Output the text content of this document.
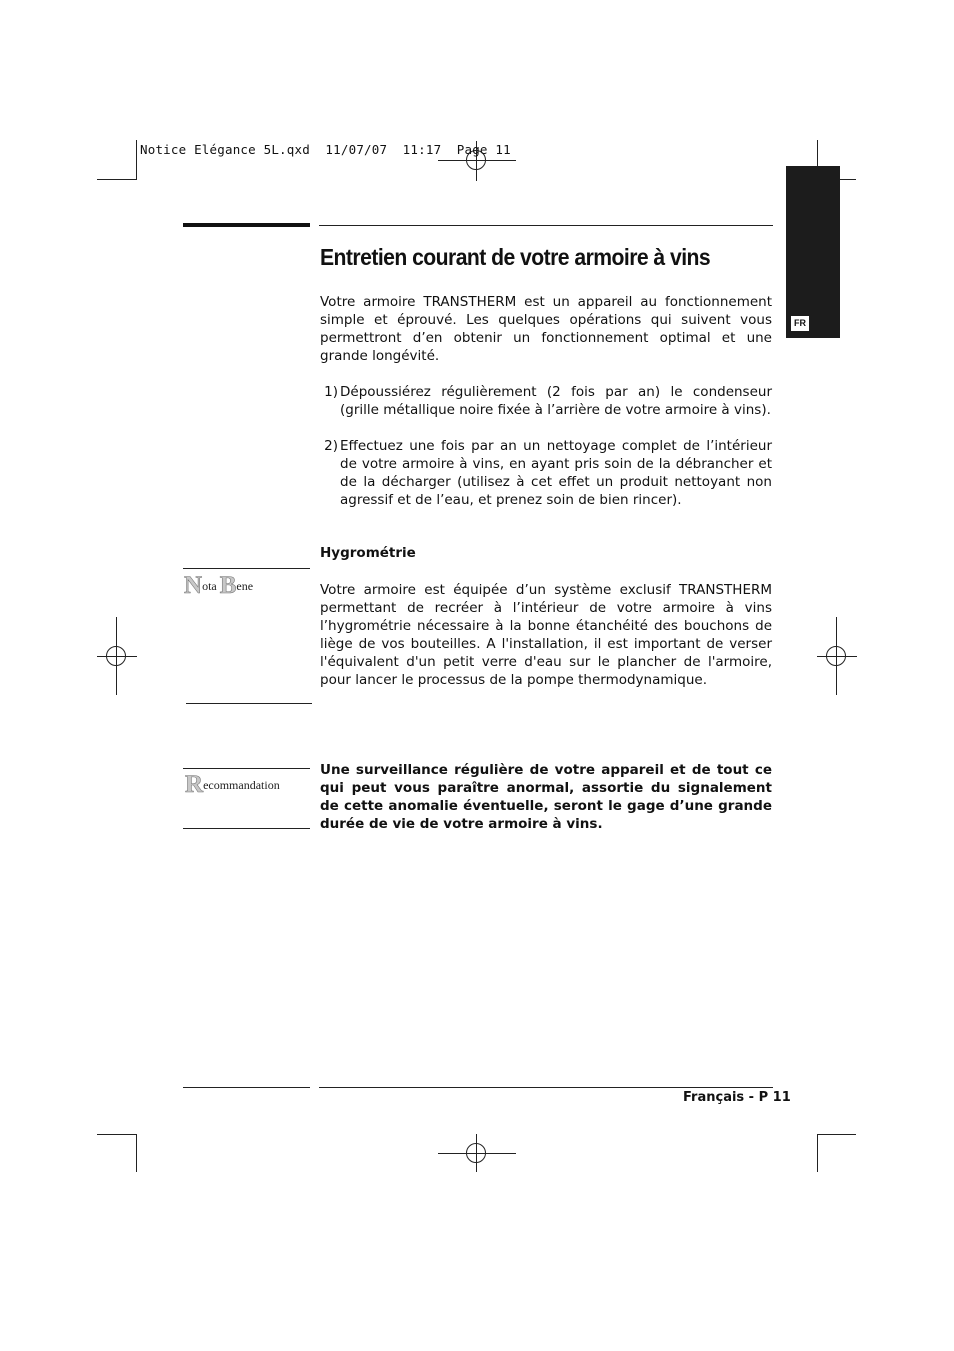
Notice Elégance 5L.qxd  11/07/07  11:17  Page 11
FR
Entretien courant de votre armoire à vins

Votre armoire TRANSTHERM est un appareil au fonctionnement simple et éprouvé. Les quelques opérations qui suivent vous permettront d’en obtenir un fonctionnement optimal et une grande longévité.

1) Dépoussiérez régulièrement (2 fois par an) le condenseur (grille métallique noire fixée à l’arrière de votre armoire à vins).
2) Effectuez une fois par an un nettoyage complet de l’intérieur de votre armoire à vins, en ayant pris soin de la débrancher et de la décharger (utilisez à cet effet un produit nettoyant non agressif et de l’eau, et prenez soin de bien rincer).
Hygrométrie

Votre armoire est équipée d’un système exclusif TRANSTHERM permettant de recréer à l’intérieur de votre armoire à vins l’hygrométrie nécessaire à la bonne étanchéité des bouchons de liège de vos bouteilles. A l'installation, il est important de verser l'équivalent d'un petit verre d'eau sur le plancher de l'armoire, pour lancer le processus de la pompe thermodynamique.

Nota Bene
Recommandation

Une surveillance régulière de votre appareil et de tout ce qui peut vous paraître anormal, assortie du signalement de cette anomalie éventuelle, seront le gage d’une grande durée de vie de votre armoire à vins.

Français - P 11
